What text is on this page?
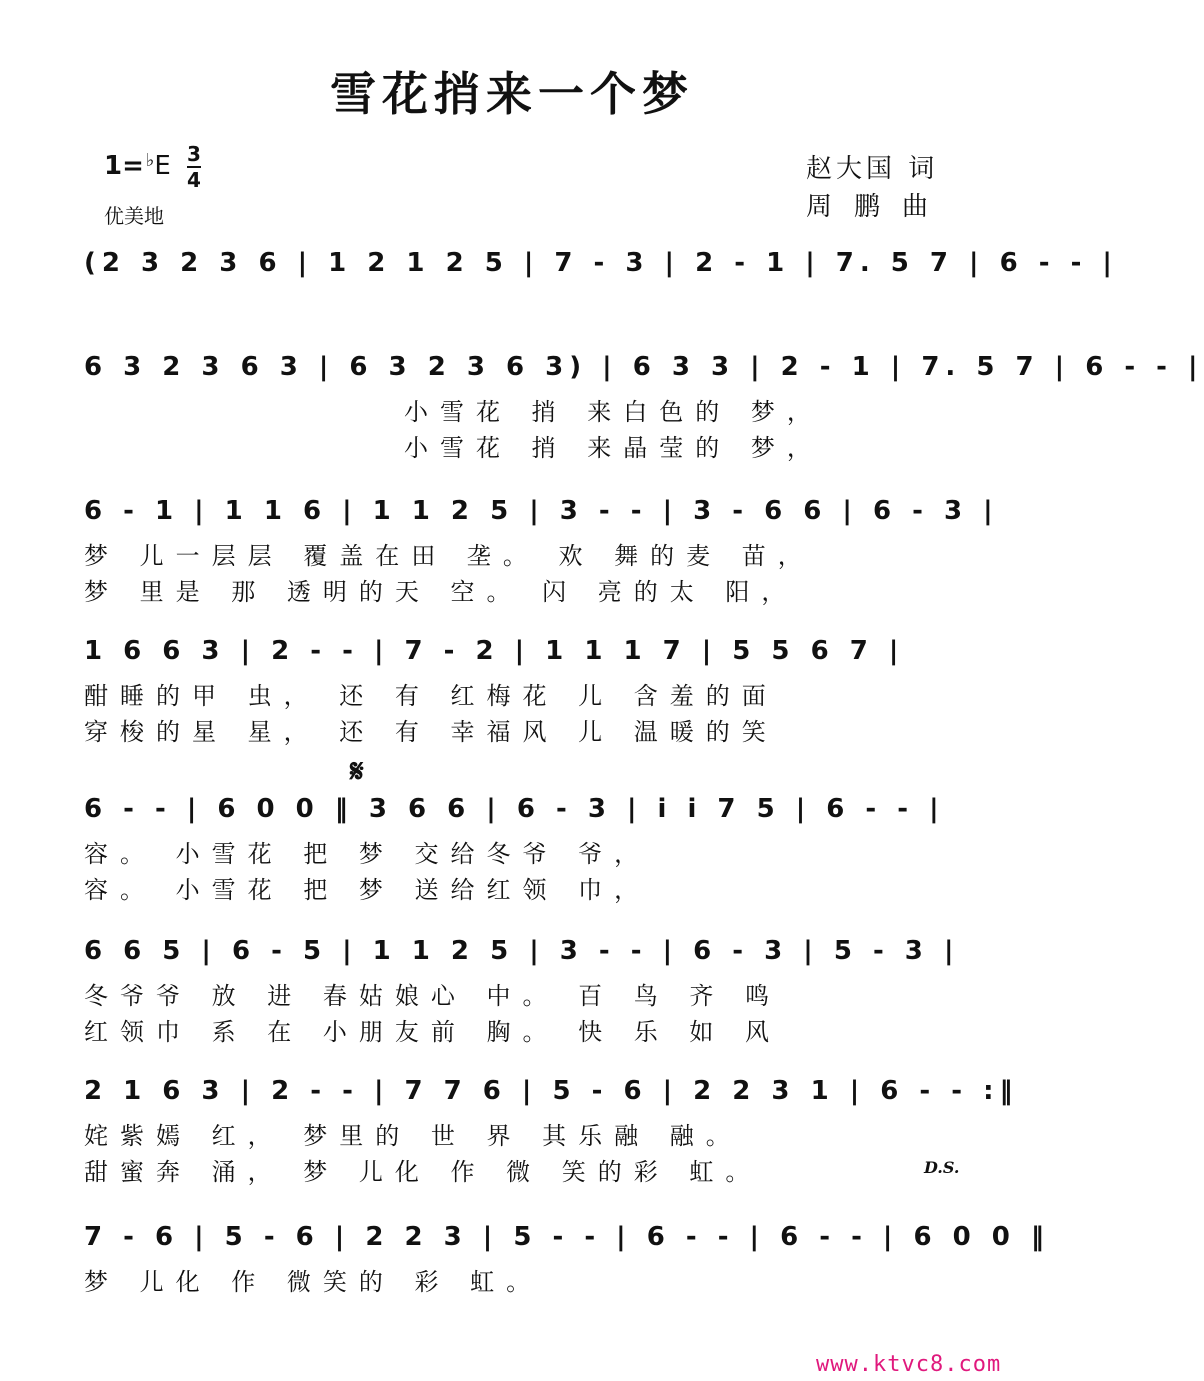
雪花捎来一个梦
1= ♭E 3
4
优美地
赵大国 词
周鹏曲
𝄋
D.S.
www.ktvc8.com
(2 3 2 3 6 | 1 2 1 2 5 | 7 - 3 | 2 - 1 | 7. 5 7 | 6 - - |
6 3 2 3 6 3 | 6 3 2 3 6 3) | 6 3 3 | 2 - 1 | 7. 5 7 | 6 - - |
小雪花 捎 来白色的 梦，
小雪花 捎 来晶莹的 梦，
6 - 1 | 1 1 6 | 1 1 2 5 | 3 - - | 3 - 6 6 | 6 - 3 |
梦 儿一层层 覆盖在田 垄。 欢 舞的麦 苗，
梦 里是 那 透明的天 空。 闪 亮的太 阳，
1 6 6 3 | 2 - - | 7 - 2 | 1 1 1 7 | 5 5 6 7 |
酣睡的甲 虫， 还 有 红梅花 儿 含羞的面
穿梭的星 星， 还 有 幸福风 儿 温暖的笑
6 - - | 6 0 0 ‖ 3 6 6 | 6 - 3 | i i 7 5 | 6 - - |
容。 小雪花 把 梦 交给冬爷 爷，
容。 小雪花 把 梦 送给红领 巾，
6 6 5 | 6 - 5 | 1 1 2 5 | 3 - - | 6 - 3 | 5 - 3 |
冬爷爷 放 进 春姑娘心 中。 百 鸟 齐 鸣
红领巾 系 在 小朋友前 胸。 快 乐 如 风
2 1 6 3 | 2 - - | 7 7 6 | 5 - 6 | 2 2 3 1 | 6 - - :‖
姹紫嫣 红， 梦里的 世 界 其乐融 融。
甜蜜奔 涌， 梦 儿化 作 微 笑的彩 虹。
7 - 6 | 5 - 6 | 2 2 3 | 5 - - | 6 - - | 6 - - | 6 0 0 ‖
梦 儿化 作 微笑的 彩 虹。
